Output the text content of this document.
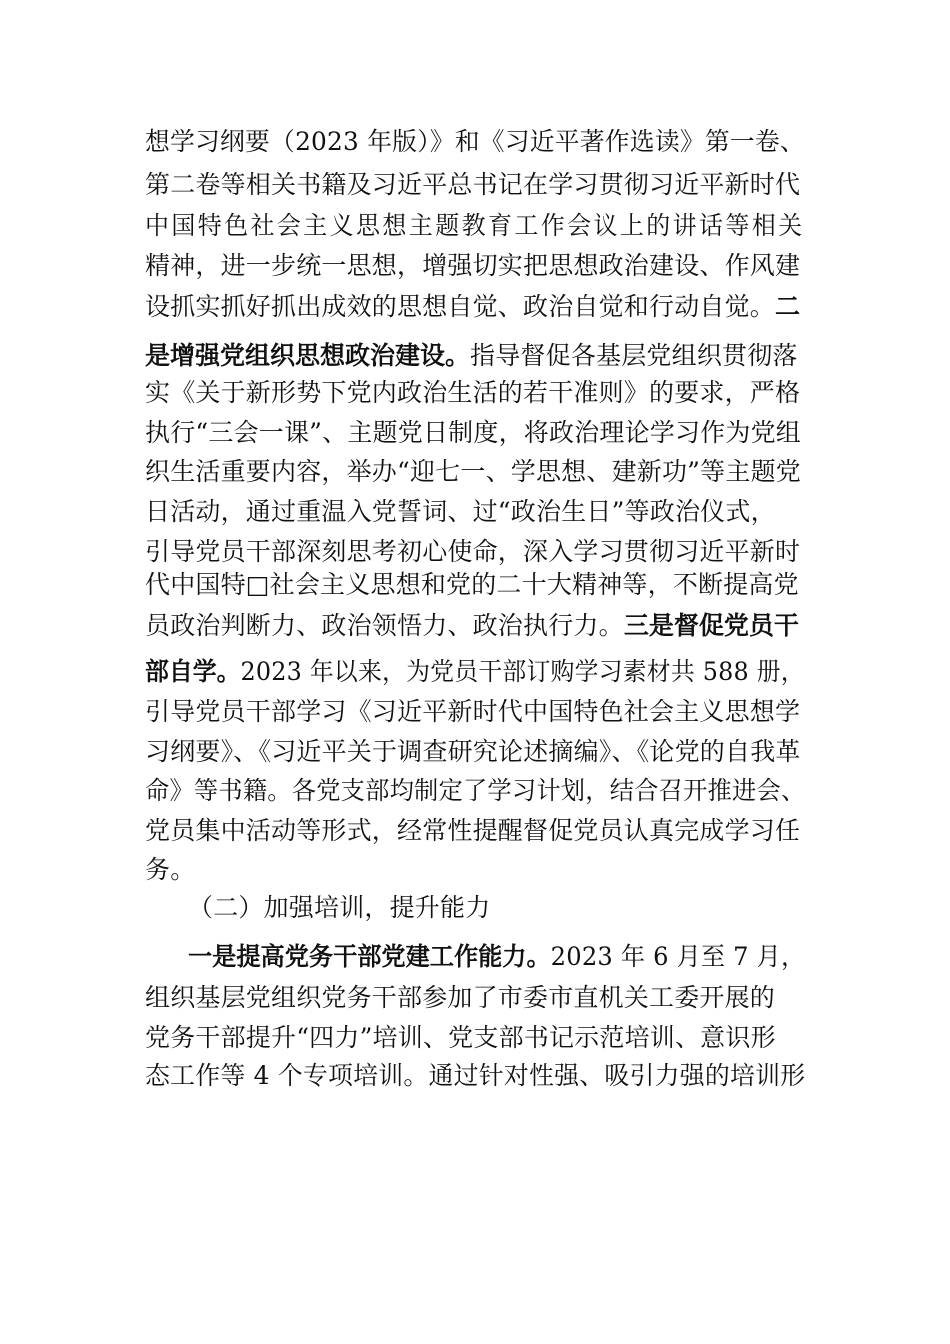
想学习纲要（2023 年版）》和《习近平著作选读》第一卷、
第二卷等相关书籍及习近平总书记在学习贯彻习近平新时代
中国特色社会主义思想主题教育工作会议上的讲话等相关
精神，进一步统一思想，增强切实把思想政治建设、作风建
设抓实抓好抓出成效的思想自觉、政治自觉和行动自觉。二
是增强党组织思想政治建设。指导督促各基层党组织贯彻落
实《关于新形势下党内政治生活的若干准则》的要求，严格
执行“三会一课”、主题党日制度，将政治理论学习作为党组
织生活重要内容，举办“迎七一、学思想、建新功”等主题党
日活动，通过重温入党誓词、过“政治生日”等政治仪式，
引导党员干部深刻思考初心使命，深入学习贯彻习近平新时
代中国特□社会主义思想和党的二十大精神等，不断提高党
员政治判断力、政治领悟力、政治执行力。三是督促党员干
部自学。2023 年以来，为党员干部订购学习素材共 588 册，
引导党员干部学习《习近平新时代中国特色社会主义思想学
习纲要》、《习近平关于调查研究论述摘编》、《论党的自我革
命》等书籍。各党支部均制定了学习计划，结合召开推进会、
党员集中活动等形式，经常性提醒督促党员认真完成学习任
务。
（二）加强培训，提升能力
一是提高党务干部党建工作能力。2023 年 6 月至 7 月，
组织基层党组织党务干部参加了市委市直机关工委开展的
党务干部提升“四力”培训、党支部书记示范培训、意识形
态工作等 4 个专项培训。通过针对性强、吸引力强的培训形
